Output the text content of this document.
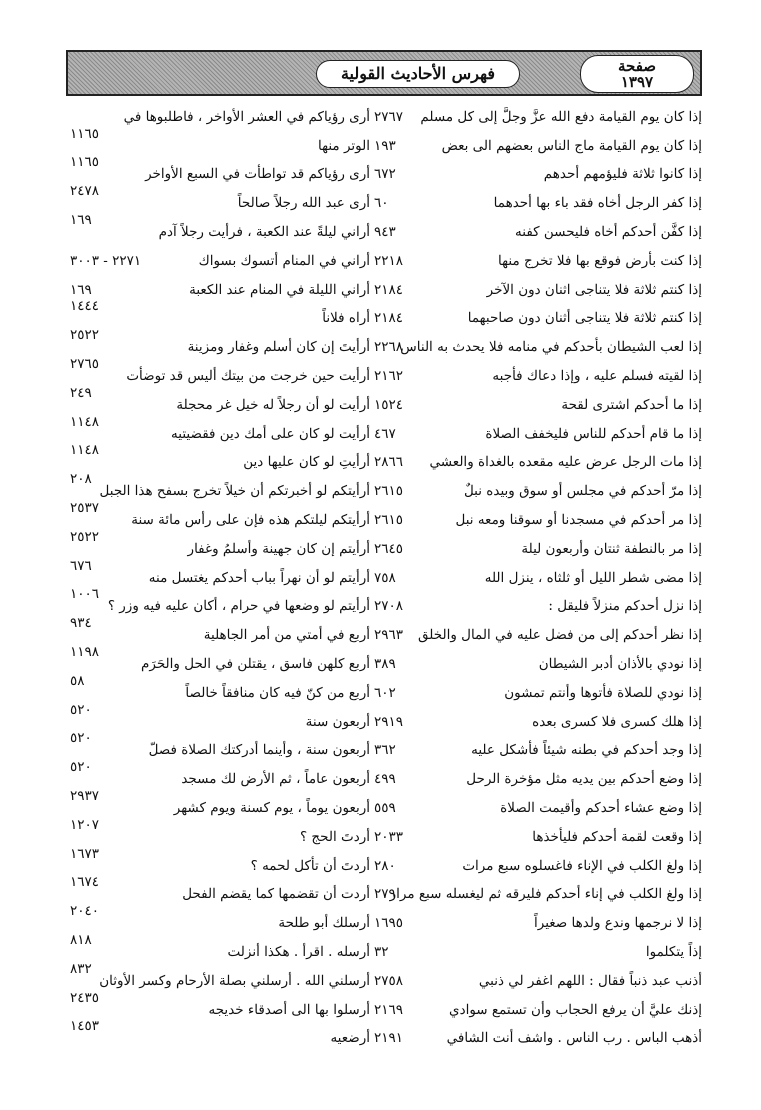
فهرس الأحاديث القولية	صفحة
١٣٩٧
إذا كان يوم القيامة دفع الله عزَّ وجلَّ إلى كل مسلم
٢٧٦٧
إذا كان يوم القيامة ماج الناس بعضهم الى بعض
١٩٣
إذا كانوا ثلاثة فليؤمهم أحدهم
٦٧٢
إذا كفر الرجل أخاه فقد باء بها أحدهما
٦٠
إذا كفَّن أحدكم أخاه فليحسن كفنه
٩٤٣
إذا كنت بأرض فوقع بها فلا تخرج منها
٢٢١٨
إذا كنتم ثلاثة فلا يتناجى اثنان دون الآخر
٢١٨٤
إذا كنتم ثلاثة فلا يتناجى أثنان دون صاحبهما
٢١٨٤
إذا لعب الشيطان بأحدكم في منامه فلا يحدث به الناس
٢٢٦٨
إذا لقيته فسلم عليه ، وإذا دعاك فأجبه
٢١٦٢
إذا ما أحدكم اشترى لقحة
١٥٢٤
إذا ما قام أحدكم للناس فليخفف الصلاة
٤٦٧
إذا مات الرجل عرض عليه مقعده بالغداة والعشي
٢٨٦٦
إذا مرّ أحدكم في مجلس أو سوق وبيده نبلٌ
٢٦١٥
إذا مر أحدكم في مسجدنا أو سوقنا ومعه نبل
٢٦١٥
إذا مر بالنطفة ثنتان وأربعون ليلة
٢٦٤٥
إذا مضى شطر الليل أو ثلثاه ، ينزل الله
٧٥٨
إذا نزل أحدكم منزلاً فليقل :
٢٧٠٨
إذا نظر أحدكم إلى من فضل عليه في المال والخلق
٢٩٦٣
إذا نودي بالأذان أدبر الشيطان
٣٨٩
إذا نودي للصلاة فأتوها وأنتم تمشون
٦٠٢
إذا هلك كسرى فلا كسرى بعده
٢٩١٩
إذا وجد أحدكم في بطنه شيئاً فأشكل عليه
٣٦٢
إذا وضع أحدكم بين يديه مثل مؤخرة الرحل
٤٩٩
إذا وضع عشاء أحدكم وأقيمت الصلاة
٥٥٩
إذا وقعت لقمة أحدكم فليأخذها
٢٠٣٣
إذا ولغ الكلب في الإناء فاغسلوه سبع مرات
٢٨٠
إذا ولغ الكلب في إناء أحدكم فليرقه ثم ليغسله سبع مرار
٢٧٩
إذا لا نرجمها وندع ولدها صغيراً
١٦٩٥
إذاً يتكلموا
٣٢
أذنب عبد ذنباً فقال : اللهم اغفر لي ذنبي
٢٧٥٨
إذنك عليَّ أن يرفع الحجاب وأن تستمع سوادي
٢١٦٩
أذهب الباس . رب الناس . واشف أنت الشافي
٢١٩١
أرى رؤياكم في العشر الأواخر ، فاطلبوها في
الوتر منها
١١٦٥
أرى رؤياكم قد تواطأت في السبع الأواخر
١١٦٥
أرى عبد الله رجلاً صالحاً
٢٤٧٨
أراني ليلةً عند الكعبة ، فرأيت رجلاً آدم
١٦٩
أراني في المنام أتسوك بسواك
٢٢٧١ - ٣٠٠٣
أراني الليلة في المنام عند الكعبة
١٦٩
أراه فلاناً
١٤٤٤
أرأيتَ إن كان أسلم وغفار ومزينة
٢٥٢٢
أرأيت حين خرجت من بيتك أليس قد توضأت
٢٧٦٥
أرأيت لو أن رجلاً له خيل غر محجلة
٢٤٩
أرأيت لو كان على أمك دين فقضيتيه
١١٤٨
أرأيتِ لو كان عليها دين
١١٤٨
أرأيتكم لو أخبرتكم أن خيلاً تخرج بسفح هذا الجبل
٢٠٨
أرأيتكم ليلتكم هذه فإن على رأس مائة سنة
٢٥٣٧
أرأيتم إن كان جهينة وأسلمُ وغفار
٢٥٢٢
أرأيتم لو أن نهراً بباب أحدكم يغتسل منه
٦٧٦
أرأيتم لو وضعها في حرام ، أكان عليه فيه وزر ؟
١٠٠٦
أربع في أمتي من أمر الجاهلية
٩٣٤
أربع كلهن فاسق ، يقتلن في الحل والحَرَم
١١٩٨
أربع من كنّ فيه كان منافقاً خالصاً
٥٨
أربعون سنة
٥٢٠
أربعون سنة ، وأينما أدركتك الصلاة فصلّ
٥٢٠
أربعون عاماً ، ثم الأرض لك مسجد
٥٢٠
أربعون يوماً ، يوم كسنة ويوم كشهر
٢٩٣٧
أردتَ الحج ؟
١٢٠٧
أردتَ أن تأكل لحمه ؟
١٦٧٣
أردت أن تقضمها كما يقضم الفحل
١٦٧٤
أرسلك أبو طلحة
٢٠٤٠
أرسله . اقرأ . هكذا أنزلت
٨١٨
أرسلني الله . أرسلني بصلة الأرحام وكسر الأوثان
٨٣٢
أرسلوا بها الى أصدقاء خديجه
٢٤٣٥
أرضعيه
١٤٥٣
